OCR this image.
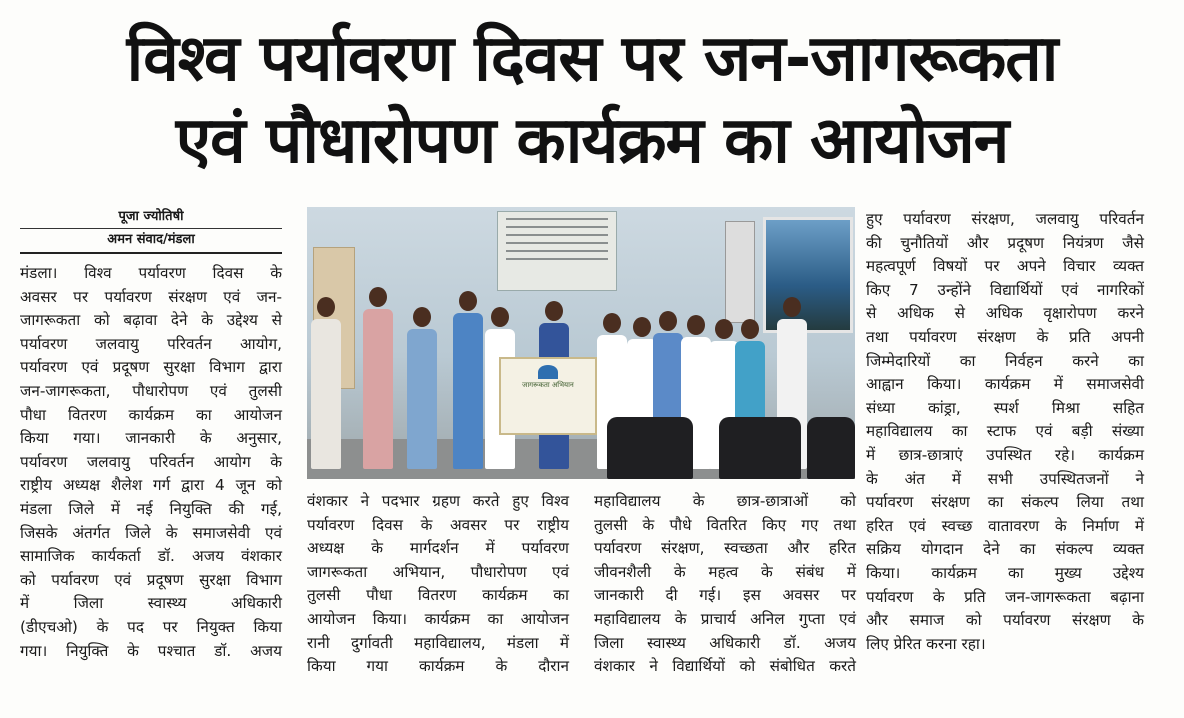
विश्व पर्यावरण दिवस पर जन-जागरूकता
एवं पौधारोपण कार्यक्रम का आयोजन
पूजा ज्योतिषी
अमन संवाद/मंडला
मंडला। विश्व पर्यावरण दिवस के
अवसर पर पर्यावरण संरक्षण एवं जन-
जागरूकता को बढ़ावा देने के उद्देश्य से
पर्यावरण जलवायु परिवर्तन आयोग,
पर्यावरण एवं प्रदूषण सुरक्षा विभाग द्वारा
जन-जागरूकता, पौधारोपण एवं तुलसी
पौधा वितरण कार्यक्रम का आयोजन
किया गया। जानकारी के अनुसार,
पर्यावरण जलवायु परिवर्तन आयोग के
राष्ट्रीय अध्यक्ष शैलेश गर्ग द्वारा 4 जून को
मंडला जिले में नई नियुक्ति की गई,
जिसके अंतर्गत जिले के समाजसेवी एवं
सामाजिक कार्यकर्ता डॉ. अजय वंशकार
को पर्यावरण एवं प्रदूषण सुरक्षा विभाग
में जिला स्वास्थ्य अधिकारी
(डीएचओ) के पद पर नियुक्त किया
गया। नियुक्ति के पश्चात डॉ. अजय
वंशकार ने पदभार ग्रहण करते हुए विश्व
पर्यावरण दिवस के अवसर पर राष्ट्रीय
अध्यक्ष के मार्गदर्शन में पर्यावरण
जागरूकता अभियान, पौधारोपण एवं
तुलसी पौधा वितरण कार्यक्रम का
आयोजन किया। कार्यक्रम का आयोजन
रानी दुर्गावती महाविद्यालय, मंडला में
किया गया कार्यक्रम के दौरान
महाविद्यालय के छात्र-छात्राओं को
तुलसी के पौधे वितरित किए गए तथा
पर्यावरण संरक्षण, स्वच्छता और हरित
जीवनशैली के महत्व के संबंध में
जानकारी दी गई। इस अवसर पर
महाविद्यालय के प्राचार्य अनिल गुप्ता एवं
जिला स्वास्थ्य अधिकारी डॉ. अजय
वंशकार ने विद्यार्थियों को संबोधित करते
हुए पर्यावरण संरक्षण, जलवायु परिवर्तन
की चुनौतियों और प्रदूषण नियंत्रण जैसे
महत्वपूर्ण विषयों पर अपने विचार व्यक्त
किए 7 उन्होंने विद्यार्थियों एवं नागरिकों
से अधिक से अधिक वृक्षारोपण करने
तथा पर्यावरण संरक्षण के प्रति अपनी
जिम्मेदारियों का निर्वहन करने का
आह्वान किया। कार्यक्रम में समाजसेवी
संध्या कांड्रा, स्पर्श मिश्रा सहित
महाविद्यालय का स्टाफ एवं बड़ी संख्या
में छात्र-छात्राएं उपस्थित रहे। कार्यक्रम
के अंत में सभी उपस्थितजनों ने
पर्यावरण संरक्षण का संकल्प लिया तथा
हरित एवं स्वच्छ वातावरण के निर्माण में
सक्रिय योगदान देने का संकल्प व्यक्त
किया। कार्यक्रम का मुख्य उद्देश्य
पर्यावरण के प्रति जन-जागरूकता बढ़ाना
और समाज को पर्यावरण संरक्षण के
लिए प्रेरित करना रहा।
जागरूकता अभियान
